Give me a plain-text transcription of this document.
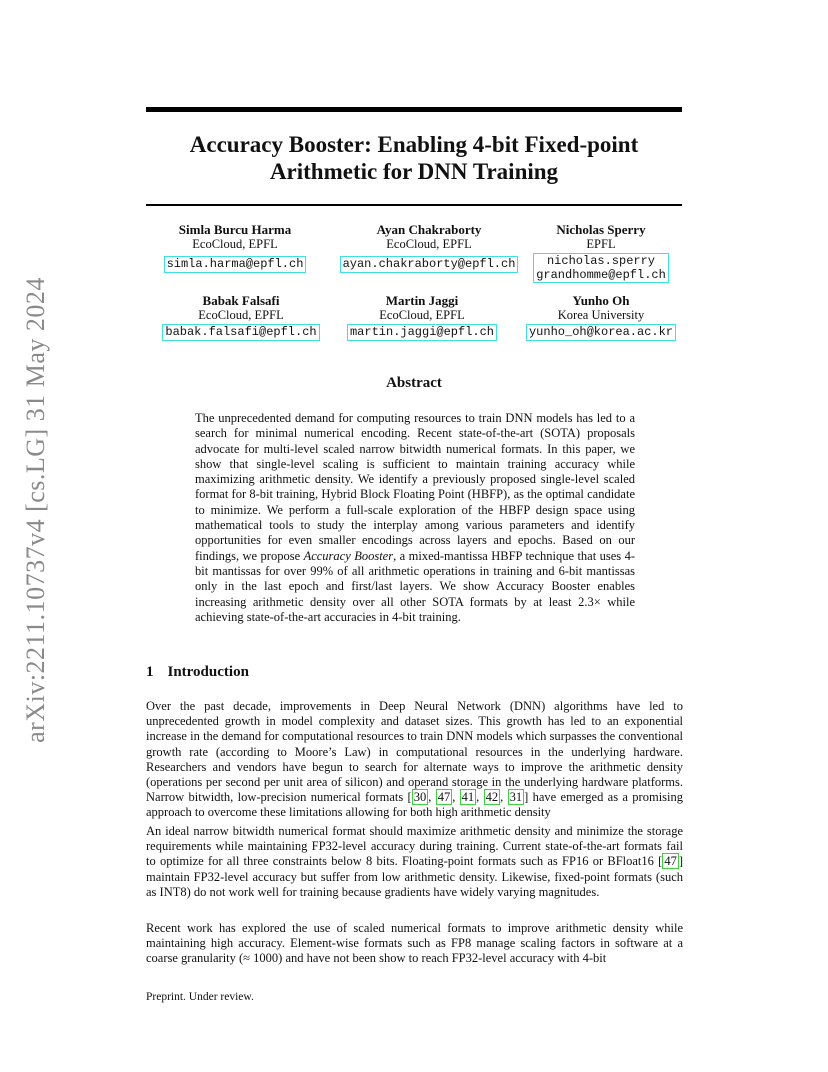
arXiv:2211.10737v4 [cs.LG] 31 May 2024
Accuracy Booster: Enabling 4-bit Fixed-point
Arithmetic for DNN Training
Simla Burcu Harma
EcoCloud, EPFL
simla.harma@epfl.ch
Ayan Chakraborty
EcoCloud, EPFL
ayan.chakraborty@epfl.ch
Nicholas Sperry
EPFL
nicholas.sperry
grandhomme@epfl.ch
Babak Falsafi
EcoCloud, EPFL
babak.falsafi@epfl.ch
Martin Jaggi
EcoCloud, EPFL
martin.jaggi@epfl.ch
Yunho Oh
Korea University
yunho_oh@korea.ac.kr
Abstract
The unprecedented demand for computing resources to train DNN models has led to a search for minimal numerical encoding. Recent state-of-the-art (SOTA) proposals advocate for multi-level scaled narrow bitwidth numerical formats. In this paper, we show that single-level scaling is sufficient to maintain training accuracy while maximizing arithmetic density. We identify a previously proposed single-level scaled format for 8-bit training, Hybrid Block Floating Point (HBFP), as the optimal candidate to minimize. We perform a full-scale exploration of the HBFP design space using mathematical tools to study the interplay among various parameters and identify opportunities for even smaller encodings across layers and epochs. Based on our findings, we propose Accuracy Booster, a mixed-mantissa HBFP technique that uses 4-bit mantissas for over 99% of all arithmetic operations in training and 6-bit mantissas only in the last epoch and first/last layers. We show Accuracy Booster enables increasing arithmetic density over all other SOTA formats by at least 2.3× while achieving state-of-the-art accuracies in 4-bit training.
1 Introduction
Over the past decade, improvements in Deep Neural Network (DNN) algorithms have led to unprecedented growth in model complexity and dataset sizes. This growth has led to an exponential increase in the demand for computational resources to train DNN models which surpasses the conventional growth rate (according to Moore’s Law) in computational resources in the underlying hardware. Researchers and vendors have begun to search for alternate ways to improve the arithmetic density (operations per second per unit area of silicon) and operand storage in the underlying hardware platforms. Narrow bitwidth, low-precision numerical formats [ 30 , 47 , 41 , 42 , 31 ] have emerged as a promising approach to overcome these limitations allowing for both high arithmetic density
An ideal narrow bitwidth numerical format should maximize arithmetic density and minimize the storage requirements while maintaining FP32-level accuracy during training. Current state-of-the-art formats fail to optimize for all three constraints below 8 bits. Floating-point formats such as FP16 or BFloat16 [ 47 ] maintain FP32-level accuracy but suffer from low arithmetic density. Likewise, fixed-point formats (such as INT8) do not work well for training because gradients have widely varying magnitudes.
Recent work has explored the use of scaled numerical formats to improve arithmetic density while maintaining high accuracy. Element-wise formats such as FP8 manage scaling factors in software at a coarse granularity (≈ 1000) and have not been show to reach FP32-level accuracy with 4-bit
Preprint. Under review.
